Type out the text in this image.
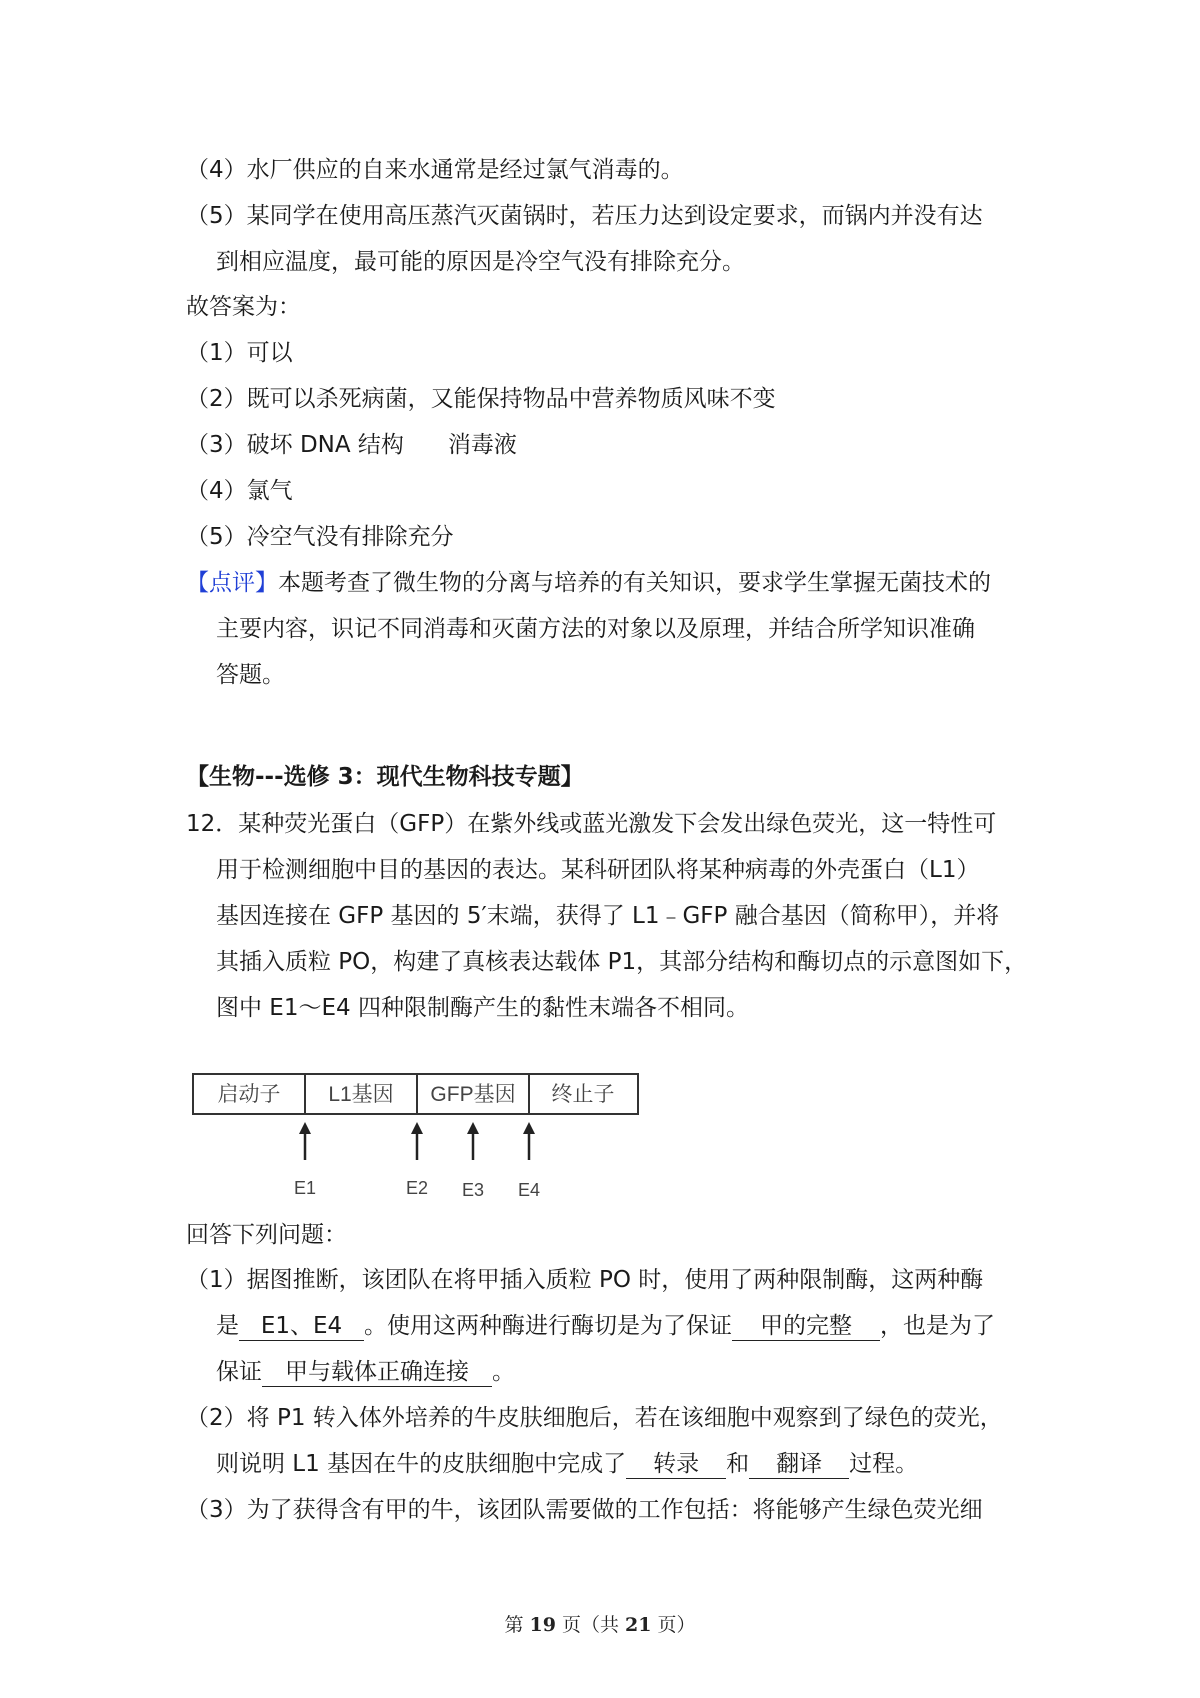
（4）水厂供应的自来水通常是经过氯气消毒的。
（5）某同学在使用高压蒸汽灭菌锅时，若压力达到设定要求，而锅内并没有达
到相应温度，最可能的原因是冷空气没有排除充分。
故答案为：
（1）可以
（2）既可以杀死病菌，又能保持物品中营养物质风味不变
（3）破坏 DNA 结构 消毒液
（4）氯气
（5）冷空气没有排除充分
【点评】本题考查了微生物的分离与培养的有关知识，要求学生掌握无菌技术的
主要内容，识记不同消毒和灭菌方法的对象以及原理，并结合所学知识准确
答题。
【生物---选修 3：现代生物科技专题】
12．某种荧光蛋白（GFP）在紫外线或蓝光激发下会发出绿色荧光，这一特性可
用于检测细胞中目的基因的表达。某科研团队将某种病毒的外壳蛋白（L1）
基因连接在 GFP 基因的 5′末端，获得了 L1﹣GFP 融合基因（简称甲），并将
其插入质粒 PO，构建了真核表达载体 P1，其部分结构和酶切点的示意图如下，
图中 E1～E4 四种限制酶产生的黏性末端各不相同。
启动子 L1基因 GFP基因 终止子
E1	E2 E3 E4
回答下列问题：
（1）据图推断，该团队在将甲插入质粒 PO 时，使用了两种限制酶，这两种酶
是 E1、E4 。使用这两种酶进行酶切是为了保证 甲的完整 ，也是为了
保证 甲与载体正确连接 。
（2）将 P1 转入体外培养的牛皮肤细胞后，若在该细胞中观察到了绿色的荧光，
则说明 L1 基因在牛的皮肤细胞中完成了 转录 和 翻译 过程。
（3）为了获得含有甲的牛，该团队需要做的工作包括：将能够产生绿色荧光细
第 19 页（共 21 页）
